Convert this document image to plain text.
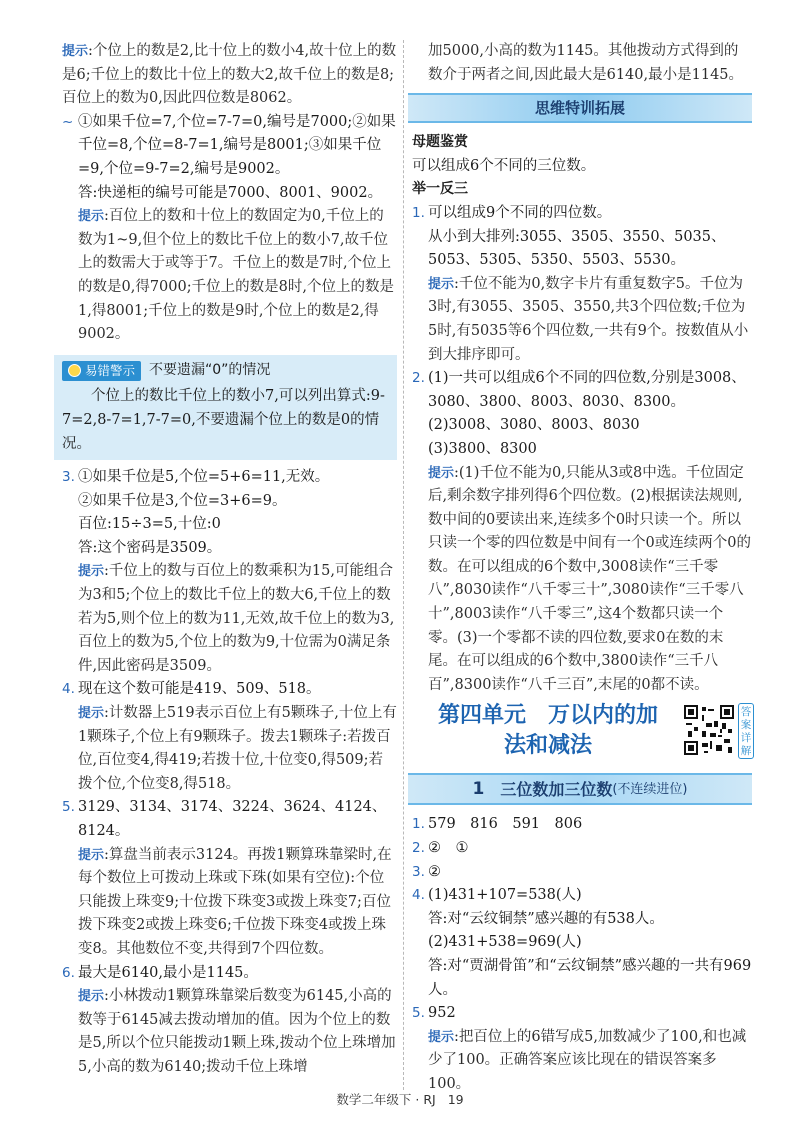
提示:个位上的数是2,比十位上的数小4,故十位上的数是6;千位上的数比十位上的数大2,故千位上的数是8;百位上的数为0,因此四位数是8062。

~ ①如果千位=7,个位=7-7=0,编号是7000;②如果千位=8,个位=8-7=1,编号是8001;③如果千位=9,个位=9-7=2,编号是9002。

答:快递柜的编号可能是7000、8001、9002。

提示:百位上的数和十位上的数固定为0,千位上的数为1~9,但个位上的数比千位上的数小7,故千位上的数需大于或等于7。千位上的数是7时,个位上的数是0,得7000;千位上的数是8时,个位上的数是1,得8001;千位上的数是9时,个位上的数是2,得9002。

易错警示 不要遗漏“0”的情况

个位上的数比千位上的数小7,可以列出算式:9-7=2,8-7=1,7-7=0,不要遗漏个位上的数是0的情况。

3. ①如果千位是5,个位=5+6=11,无效。

②如果千位是3,个位=3+6=9。

百位:15÷3=5,十位:0

答:这个密码是3509。

提示:千位上的数与百位上的数乘积为15,可能组合为3和5;个位上的数比千位上的数大6,千位上的数若为5,则个位上的数为11,无效,故千位上的数为3,百位上的数为5,个位上的数为9,十位需为0满足条件,因此密码是3509。

4. 现在这个数可能是419、509、518。

提示:计数器上519表示百位上有5颗珠子,十位上有1颗珠子,个位上有9颗珠子。拨去1颗珠子:若拨百位,百位变4,得419;若拨十位,十位变0,得509;若拨个位,个位变8,得518。

5. 3129、3134、3174、3224、3624、4124、8124。

提示:算盘当前表示3124。再拨1颗算珠靠梁时,在每个数位上可拨动上珠或下珠(如果有空位):个位只能拨上珠变9;十位拨下珠变3或拨上珠变7;百位拨下珠变2或拨上珠变6;千位拨下珠变4或拨上珠变8。其他数位不变,共得到7个四位数。

6. 最大是6140,最小是1145。

提示:小林拨动1颗算珠靠梁后数变为6145,小高的数等于6145减去拨动增加的值。因为个位上的数是5,所以个位只能拨动1颗上珠,拨动个位上珠增加5,小高的数为6140;拨动千位上珠增

加5000,小高的数为1145。其他拨动方式得到的数介于两者之间,因此最大是6140,最小是1145。

思维特训拓展

母题鉴赏

可以组成6个不同的三位数。

举一反三

1. 可以组成9个不同的四位数。

从小到大排列:3055、3505、3550、5035、5053、5305、5350、5503、5530。

提示:千位不能为0,数字卡片有重复数字5。千位为3时,有3055、3505、3550,共3个四位数;千位为5时,有5035等6个四位数,一共有9个。按数值从小到大排序即可。

2. (1)一共可以组成6个不同的四位数,分别是3008、3080、3800、8003、8030、8300。

(2)3008、3080、8003、8030

(3)3800、8300

提示:(1)千位不能为0,只能从3或8中选。千位固定后,剩余数字排列得6个四位数。(2)根据读法规则,数中间的0要读出来,连续多个0时只读一个。所以只读一个零的四位数是中间有一个0或连续两个0的数。在可以组成的6个数中,3008读作“三千零八”,8030读作“八千零三十”,3080读作“三千零八十”,8003读作“八千零三”,这4个数都只读一个零。(3)一个零都不读的四位数,要求0在数的末尾。在可以组成的6个数中,3800读作“三千八百”,8300读作“八千三百”,末尾的0都不读。

第四单元　万以内的加
法和减法
答案详解
1 三位数加三位数 (不连续进位)
1. 579　816　591　806

2. ②　①

3. ②

4. (1)431+107=538(人)

答:对“云纹铜禁”感兴趣的有538人。

(2)431+538=969(人)

答:对“贾湖骨笛”和“云纹铜禁”感兴趣的一共有969人。

5. 952

提示:把百位上的6错写成5,加数减少了100,和也减少了100。正确答案应该比现在的错误答案多100。

数学二年级下 · RJ 19
